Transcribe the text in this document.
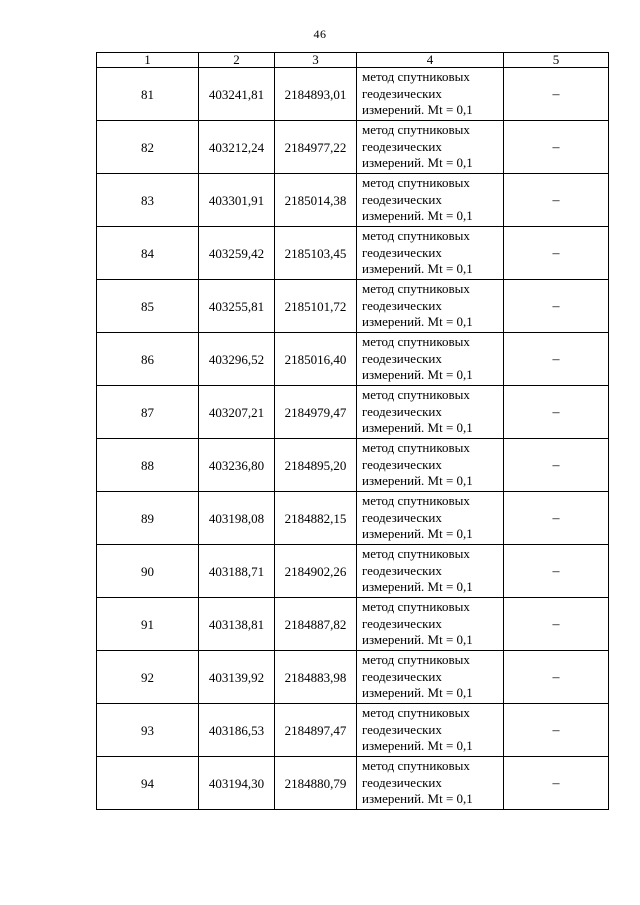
46
1	2	3	4	5
81	403241,81	2184893,01	метод спутниковых
геодезических
измерений. Mt = 0,1	–
82	403212,24	2184977,22	метод спутниковых
геодезических
измерений. Mt = 0,1	–
83	403301,91	2185014,38	метод спутниковых
геодезических
измерений. Mt = 0,1	–
84	403259,42	2185103,45	метод спутниковых
геодезических
измерений. Mt = 0,1	–
85	403255,81	2185101,72	метод спутниковых
геодезических
измерений. Mt = 0,1	–
86	403296,52	2185016,40	метод спутниковых
геодезических
измерений. Mt = 0,1	–
87	403207,21	2184979,47	метод спутниковых
геодезических
измерений. Mt = 0,1	–
88	403236,80	2184895,20	метод спутниковых
геодезических
измерений. Mt = 0,1	–
89	403198,08	2184882,15	метод спутниковых
геодезических
измерений. Mt = 0,1	–
90	403188,71	2184902,26	метод спутниковых
геодезических
измерений. Mt = 0,1	–
91	403138,81	2184887,82	метод спутниковых
геодезических
измерений. Mt = 0,1	–
92	403139,92	2184883,98	метод спутниковых
геодезических
измерений. Mt = 0,1	–
93	403186,53	2184897,47	метод спутниковых
геодезических
измерений. Mt = 0,1	–
94	403194,30	2184880,79	метод спутниковых
геодезических
измерений. Mt = 0,1	–
